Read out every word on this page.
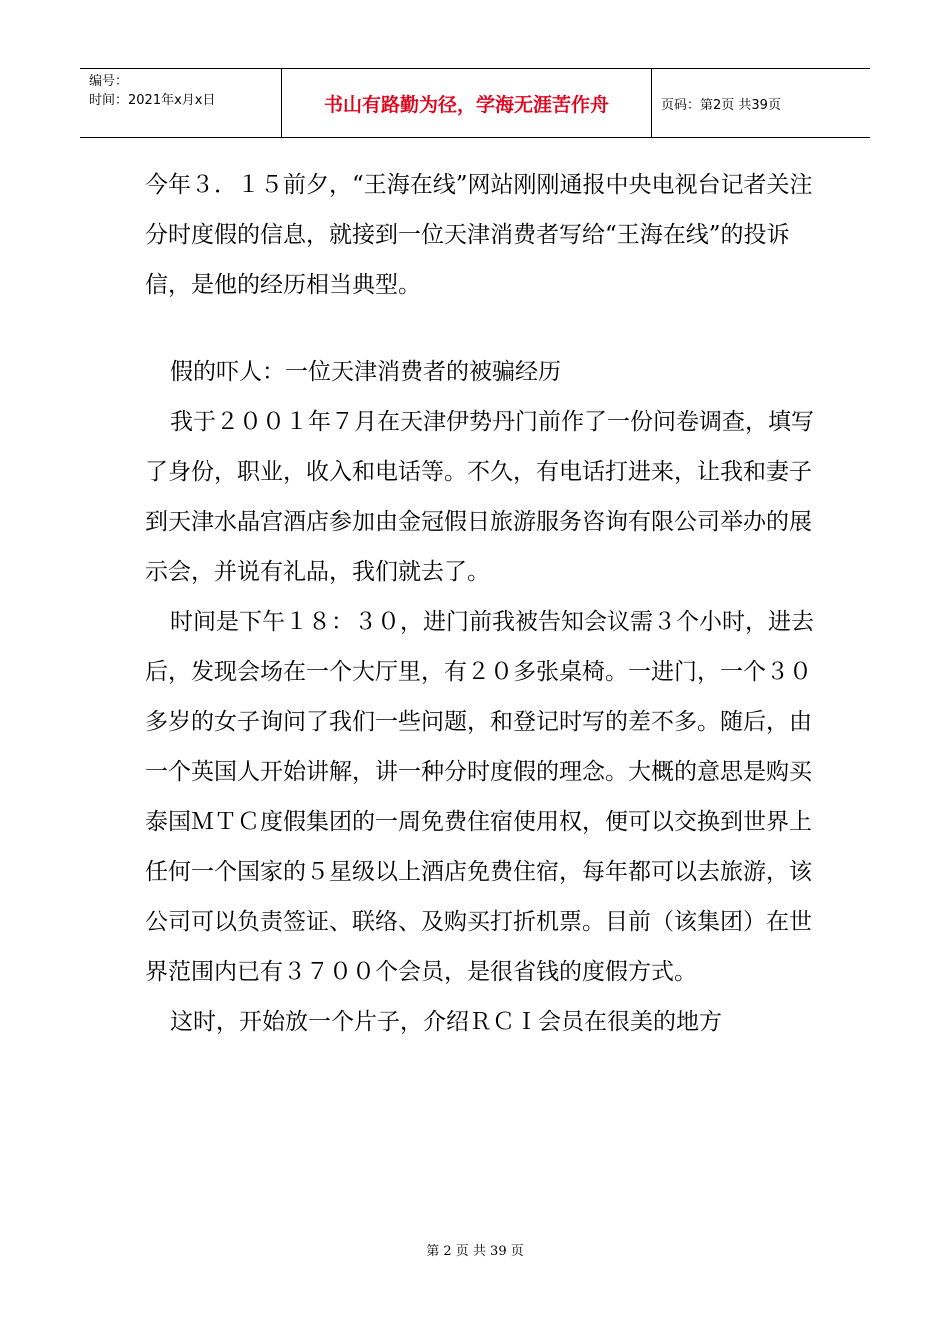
编号：
时间：2021年x月x日	书山有路勤为径，学海无涯苦作舟	页码：第2页 共39页

今年３．１５前夕，“王海在线”网站刚刚通报中央电视台记者关注分时度假的信息，就接到一位天津消费者写给“王海在线”的投诉信，是他的经历相当典型。

假的吓人：一位天津消费者的被骗经历

我于２００１年７月在天津伊势丹门前作了一份问卷调查，填写了身份，职业，收入和电话等。不久，有电话打进来，让我和妻子到天津水晶宫酒店参加由金冠假日旅游服务咨询有限公司举办的展示会，并说有礼品，我们就去了。

时间是下午１８：３０，进门前我被告知会议需３个小时，进去后，发现会场在一个大厅里，有２０多张桌椅。一进门，一个３０多岁的女子询问了我们一些问题，和登记时写的差不多。随后，由一个英国人开始讲解，讲一种分时度假的理念。大概的意思是购买泰国ＭＴＣ度假集团的一周免费住宿使用权，便可以交换到世界上任何一个国家的５星级以上酒店免费住宿，每年都可以去旅游，该公司可以负责签证、联络、及购买打折机票。目前（该集团）在世界范围内已有３７００个会员，是很省钱的度假方式。

这时，开始放一个片子，介绍ＲＣＩ会员在很美的地方

第 2 页 共 39 页
